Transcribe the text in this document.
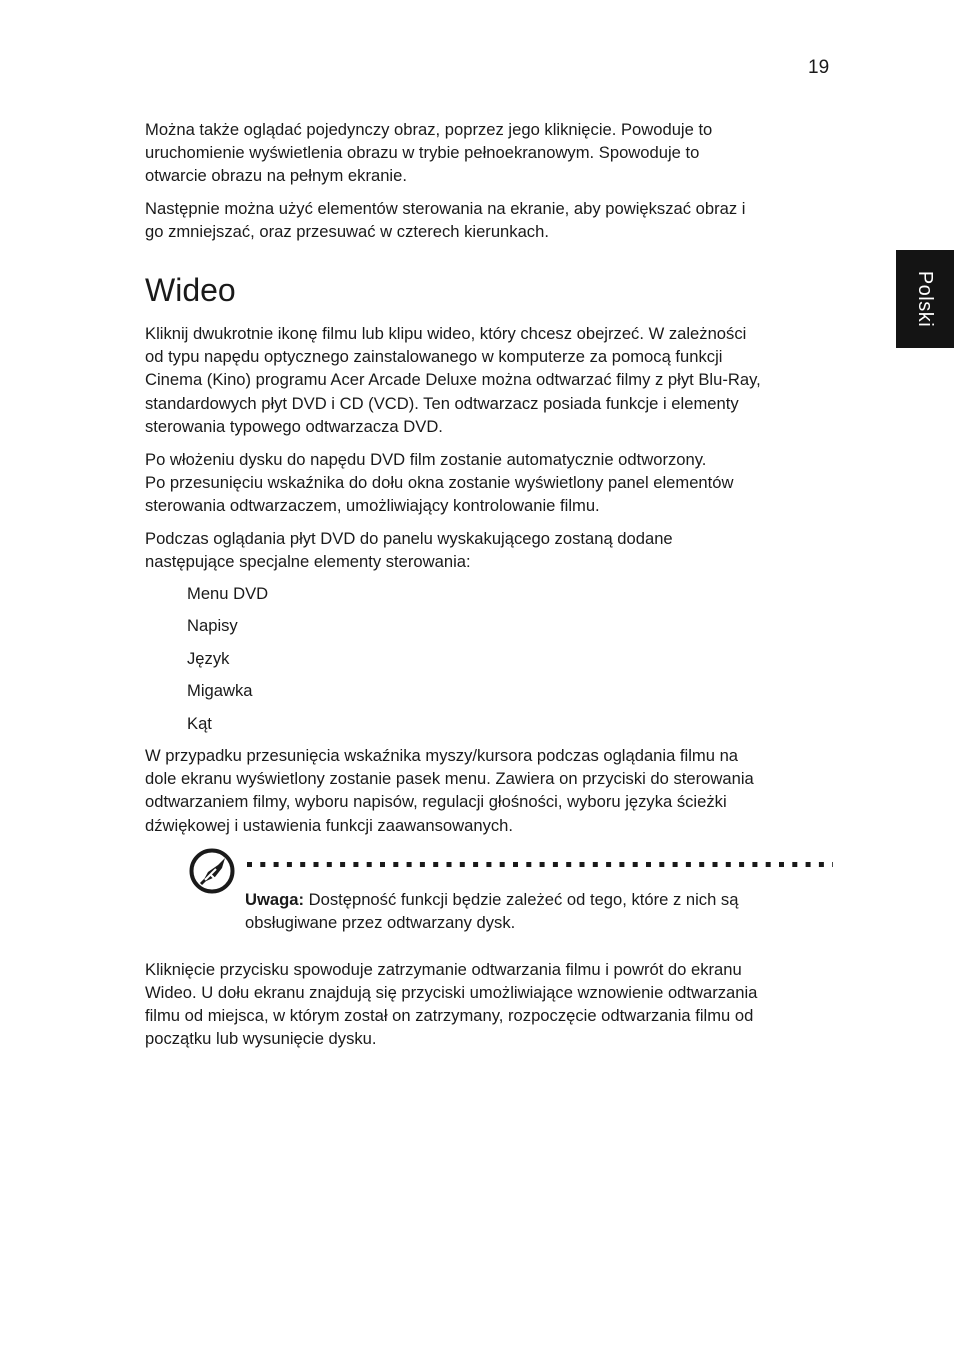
19
Polski

Można także oglądać pojedynczy obraz, poprzez jego kliknięcie. Powoduje to
uruchomienie wyświetlenia obrazu w trybie pełnoekranowym. Spowoduje to
otwarcie obrazu na pełnym ekranie.

Następnie można użyć elementów sterowania na ekranie, aby powiększać obraz i
go zmniejszać, oraz przesuwać w czterech kierunkach.

Wideo

Kliknij dwukrotnie ikonę filmu lub klipu wideo, który chcesz obejrzeć. W zależności
od typu napędu optycznego zainstalowanego w komputerze za pomocą funkcji
Cinema (Kino) programu Acer Arcade Deluxe można odtwarzać filmy z płyt Blu-Ray,
standardowych płyt DVD i CD (VCD). Ten odtwarzacz posiada funkcje i elementy
sterowania typowego odtwarzacza DVD.

Po włożeniu dysku do napędu DVD film zostanie automatycznie odtworzony.
Po przesunięciu wskaźnika do dołu okna zostanie wyświetlony panel elementów
sterowania odtwarzaczem, umożliwiający kontrolowanie filmu.

Podczas oglądania płyt DVD do panelu wyskakującego zostaną dodane
następujące specjalne elementy sterowania:

Menu DVD
Napisy
Język
Migawka
Kąt

W przypadku przesunięcia wskaźnika myszy/kursora podczas oglądania filmu na
dole ekranu wyświetlony zostanie pasek menu. Zawiera on przyciski do sterowania
odtwarzaniem filmy, wyboru napisów, regulacji głośności, wyboru języka ścieżki
dźwiękowej i ustawienia funkcji zaawansowanych.

Uwaga: Dostępność funkcji będzie zależeć od tego, które z nich są
obsługiwane przez odtwarzany dysk.

Kliknięcie przycisku spowoduje zatrzymanie odtwarzania filmu i powrót do ekranu
Wideo. U dołu ekranu znajdują się przyciski umożliwiające wznowienie odtwarzania
filmu od miejsca, w którym został on zatrzymany, rozpoczęcie odtwarzania filmu od
początku lub wysunięcie dysku.
